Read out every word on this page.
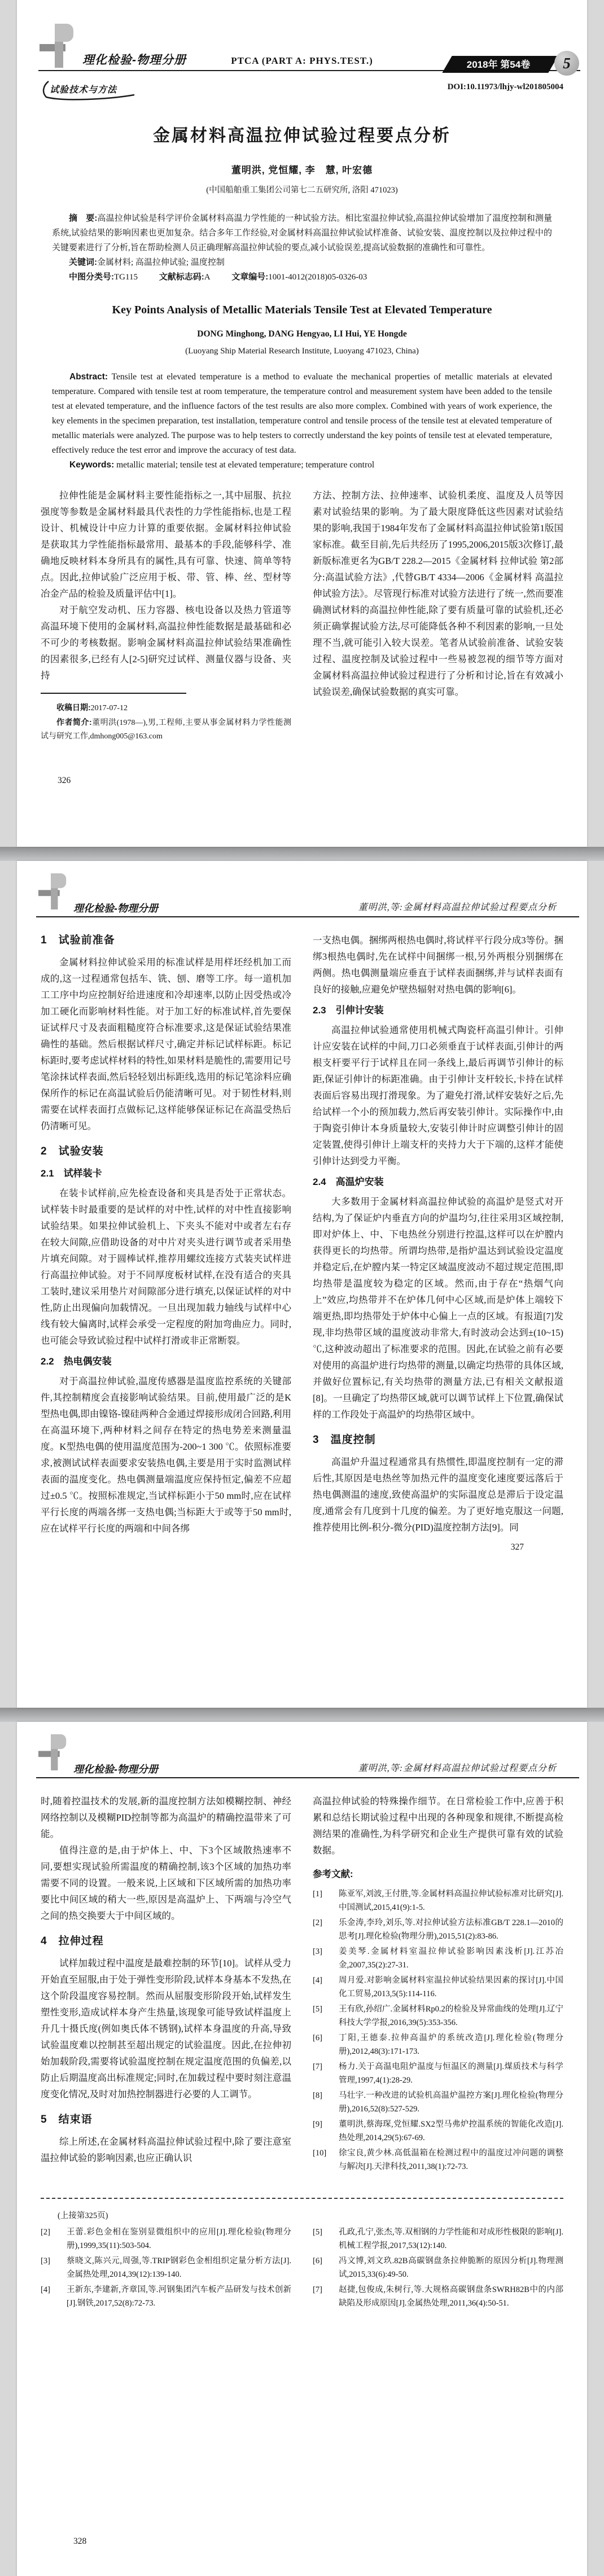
理化检验-物理分册	PTCA (PART A: PHYS.TEST.)	2018年 第54卷	5
试验技术与方法	DOI:10.11973/lhjy-wl201805004
金属材料高温拉伸试验过程要点分析
董明洪, 党恒耀, 李　慧, 叶宏德
(中国船舶重工集团公司第七二五研究所, 洛阳 471023)

摘　要:高温拉伸试验是科学评价金属材料高温力学性能的一种试验方法。相比室温拉伸试验,高温拉伸试验增加了温度控制和测量系统,试验结果的影响因素也更加复杂。结合多年工作经验,对金属材料高温拉伸试验试样准备、试验安装、温度控制以及拉伸过程中的关键要素进行了分析,旨在帮助检测人员正确理解高温拉伸试验的要点,减小试验误差,提高试验数据的准确性和可靠性。

关键词:金属材料; 高温拉伸试验; 温度控制

中图分类号:TG115	文献标志码:A	文章编号:1001-4012(2018)05-0326-03

Key Points Analysis of Metallic Materials Tensile Test at Elevated Temperature
DONG Minghong, DANG Hengyao, LI Hui, YE Hongde
(Luoyang Ship Material Research Institute, Luoyang 471023, China)

Abstract: Tensile test at elevated temperature is a method to evaluate the mechanical properties of metallic materials at elevated temperature. Compared with tensile test at room temperature, the temperature control and measurement system have been added to the tensile test at elevated temperature, and the influence factors of the test results are also more complex. Combined with years of work experience, the key elements in the specimen preparation, test installation, temperature control and tensile process of the tensile test at elevated temperature of metallic materials were analyzed. The purpose was to help testers to correctly understand the key points of tensile test at elevated temperature, effectively reduce the test error and improve the accuracy of test data.

Keywords: metallic material; tensile test at elevated temperature; temperature control

拉伸性能是金属材料主要性能指标之一,其中屈服、抗拉强度等参数是金属材料最具代表性的力学性能指标,也是工程设计、机械设计中应力计算的重要依据。金属材料拉伸试验是获取其力学性能指标最常用、最基本的手段,能够科学、准确地反映材料本身所具有的属性,具有可靠、快速、简单等特点。因此,拉伸试验广泛应用于板、带、管、棒、丝、型材等冶金产品的检验及质量评估中[1]。

对于航空发动机、压力容器、核电设备以及热力管道等高温环境下使用的金属材料,高温拉伸性能数据是最基础和必不可少的考核数据。影响金属材料高温拉伸试验结果准确性的因素很多,已经有人[2-5]研究过试样、测量仪器与设备、夹持

收稿日期:2017-07-12

作者简介:董明洪(1978—),男,工程师,主要从事金属材料力学性能测试与研究工作,dmhong005@163.com

方法、控制方法、拉伸速率、试验机柔度、温度及人员等因素对试验结果的影响。为了最大限度降低这些因素对试验结果的影响,我国于1984年发布了金属材料高温拉伸试验第1版国家标准。截至目前,先后共经历了1995,2006,2015版3次修订,最新版标准更名为GB/T 228.2—2015《金属材料 拉伸试验 第2部分:高温试验方法》,代替GB/T 4334—2006《金属材料 高温拉伸试验方法》。尽管现行标准对试验方法进行了统一,然而要准确测试材料的高温拉伸性能,除了要有质量可靠的试验机,还必须正确掌握试验方法,尽可能降低各种不利因素的影响,一旦处理不当,就可能引入较大误差。笔者从试验前准备、试验安装过程、温度控制及试验过程中一些易被忽视的细节等方面对金属材料高温拉伸试验过程进行了分析和讨论,旨在有效减小试验误差,确保试验数据的真实可靠。

326
理化检验-物理分册	董明洪,等:金属材料高温拉伸试验过程要点分析
1　试验前准备

金属材料拉伸试验采用的标准试样是用样坯经机加工而成的,这一过程通常包括车、铣、刨、磨等工序。每一道机加工工序中均应控制好给进速度和冷却速率,以防止因受热或冷加工硬化而影响材料性能。对于加工好的标准试样,首先要保证试样尺寸及表面粗糙度符合标准要求,这是保证试验结果准确性的基础。然后根据试样尺寸,确定并标记试样标距。标记标距时,要考虑试样材料的特性,如果材料是脆性的,需要用记号笔涂抹试样表面,然后轻轻划出标距线,选用的标记笔涂料应确保所作的标记在高温试验后仍能清晰可见。对于韧性材料,则需要在试样表面打点做标记,这样能够保证标记在高温受热后仍清晰可见。

2　试验安装
2.1　试样装卡

在装卡试样前,应先检查设备和夹具是否处于正常状态。试样装卡时最重要的是试样的对中性,试样的对中性直接影响试验结果。如果拉伸试验机上、下夹头不能对中或者左右存在较大间隙,应借助设备的对中片对夹头进行调节或者采用垫片填充间隙。对于圆棒试样,推荐用螺纹连接方式装夹试样进行高温拉伸试验。对于不同厚度板材试样,在没有适合的夹具工装时,建议采用垫片对间隙部分进行填充,以保证试样的对中性,防止出现偏向加载情况。一旦出现加载力轴线与试样中心线有较大偏离时,试样会承受一定程度的附加弯曲应力。同时,也可能会导致试验过程中试样打滑或非正常断裂。

2.2　热电偶安装

对于高温拉伸试验,温度传感器是温度监控系统的关键部件,其控制精度会直接影响试验结果。目前,使用最广泛的是K型热电偶,即由镍铬-镍硅两种合金通过焊接形成闭合回路,利用在高温环境下,两种材料之间存在特定的热电势差来测量温度。K型热电偶的使用温度范围为-200~1 300 ℃。依照标准要求,被测试试样表面要求安装热电偶,主要是用于实时监测试样表面的温度变化。热电偶测量端温度应保持恒定,偏差不应超过±0.5 ℃。按照标准规定,当试样标距小于50 mm时,应在试样平行长度的两端各绑一支热电偶;当标距大于或等于50 mm时,应在试样平行长度的两端和中间各绑

一支热电偶。捆绑两根热电偶时,将试样平行段分成3等份。捆绑3根热电偶时,先在试样中间捆绑一根,另外两根分别捆绑在两侧。热电偶测量端应垂直于试样表面捆绑,并与试样表面有良好的接触,应避免炉壁热辐射对热电偶的影响[6]。

2.3　引伸计安装

高温拉伸试验通常使用机械式陶瓷杆高温引伸计。引伸计应安装在试样的中间,刀口必须垂直于试样表面,引伸计的两根支杆要平行于试样且在同一条线上,最后再调节引伸计的标距,保证引伸计的标距准确。由于引伸计支杆较长,卡持在试样表面后容易出现打滑现象。为了避免打滑,试样安装好之后,先给试样一个小的预加载力,然后再安装引伸计。实际操作中,由于陶瓷引伸计本身质量较大,安装引伸计时应调整引伸计的固定装置,使得引伸计上端支杆的夹持力大于下端的,这样才能使引伸计达到受力平衡。

2.4　高温炉安装

大多数用于金属材料高温拉伸试验的高温炉是竖式对开结构,为了保证炉内垂直方向的炉温均匀,往往采用3区域控制,即对炉体上、中、下电热丝分别进行控温,这样可以在炉膛内获得更长的均热带。所谓均热带,是指炉温达到试验设定温度并稳定后,在炉膛内某一特定区域温度波动不超过规定范围,即均热带是温度较为稳定的区域。然而,由于存在“热烟气向上”效应,均热带并不在炉体几何中心区域,而是炉体上端较下端更热,即均热带处于炉体中心偏上一点的区域。有报道[7]发现,非均热带区域的温度波动非常大,有时波动会达到±(10~15) ℃,这种波动超出了标准要求的范围。因此,在试验之前有必要对使用的高温炉进行均热带的测量,以确定均热带的具体区域,并做好位置标记,有关均热带的测量方法,已有相关文献报道[8]。一旦确定了均热带区域,就可以调节试样上下位置,确保试样的工作段处于高温炉的均热带区域中。

3　温度控制

高温炉升温过程通常具有热惯性,即温度控制有一定的滞后性,其原因是电热丝等加热元件的温度变化速度要远落后于热电偶测温的速度,致使高温炉的实际温度总是滞后于设定温度,通常会有几度到十几度的偏差。为了更好地克服这一问题,推荐使用比例-积分-微分(PID)温度控制方法[9]。同

327
理化检验-物理分册	董明洪,等:金属材料高温拉伸试验过程要点分析

时,随着控温技术的发展,新的温度控制方法如模糊控制、神经网络控制以及模糊PID控制等都为高温炉的精确控温带来了可能。

值得注意的是,由于炉体上、中、下3个区域散热速率不同,要想实现试验所需温度的精确控制,该3个区域的加热功率需要不同的设置。一般来说,上区域和下区域所需的加热功率要比中间区域的稍大一些,原因是高温炉上、下两端与冷空气之间的热交换要大于中间区域的。

4　拉伸过程

试样加载过程中温度是最难控制的环节[10]。试样从受力开始直至屈服,由于处于弹性变形阶段,试样本身基本不发热,在这个阶段温度容易控制。然而从屈服变形阶段开始,试样发生塑性变形,造成试样本身产生热量,该现象可能导致试样温度上升几十摄氏度(例如奥氏体不锈钢),试样本身温度的升高,导致试验温度难以控制甚至超出规定的试验温度。因此,在拉伸初始加载阶段,需要将试验温度控制在规定温度范围的负偏差,以防止后期温度高出标准规定;同时,在加载过程中要时刻注意温度变化情况,及时对加热控制器进行必要的人工调节。

5　结束语

综上所述,在金属材料高温拉伸试验过程中,除了要注意室温拉伸试验的影响因素,也应正确认识

高温拉伸试验的特殊操作细节。在日常检验工作中,应善于积累和总结长期试验过程中出现的各种现象和规律,不断提高检测结果的准确性,为科学研究和企业生产提供可靠有效的试验数据。

参考文献:
[1]	陈亚军,刘波,王付胜,等.金属材料高温拉伸试验标准对比研究[J].中国测试,2015,41(9):1-5.
[2]	乐金涛,李玲,刘乐,等.对拉伸试验方法标准GB/T 228.1—2010的思考[J].理化检验(物理分册),2015,51(2):83-86.
[3]	姜美琴.金属材料室温拉伸试验影响因素浅析[J].江苏冶金,2007,35(2):27-31.
[4]	周月爱.对影响金属材料室温拉伸试验结果因素的探讨[J].中国化工贸易,2013,5(5):114-116.
[5]	王有欣,孙绍广.金属材料Rp0.2的检验及异常曲线的处理[J].辽宁科技大学学报,2016,39(5):353-356.
[6]	丁阳,王德泰.拉伸高温炉的系统改造[J].理化检验(物理分册),2012,48(3):171-173.
[7]	杨力.关于高温电阻炉温度与恒温区的测量[J].煤质技术与科学管理,1997,4(1):28-29.
[8]	马壮宇.一种改进的试验机高温炉温控方案[J].理化检验(物理分册),2016,52(8):527-529.
[9]	董明洪,蔡海琛,党恒耀.SX2型马弗炉控温系统的智能化改造[J].热处理,2014,29(5):67-69.
[10]	徐宝良,黄少林.高低温箱在检测过程中的温度过冲问题的调整与解决[J].天津科技,2011,38(1):72-73.
(上接第325页)
[2]	王蕾.彩色金相在鉴别显微组织中的应用[J].理化检验(物理分册),1999,35(11):503-504.
[3]	蔡晓文,陈兴元,周强,等.TRIP钢彩色金相组织定量分析方法[J].金属热处理,2014,39(12):139-140.
[4]	王新东,李建新,齐章国,等.河钢集团汽车板产品研发与技术创新[J].钢铁,2017,52(8):72-73.
[5]	孔政,孔宁,张杰,等.双相钢的力学性能和对成形性极限的影响[J].机械工程学报,2017,53(12):140.
[6]	冯文博,刘文玖.82B高碳钢盘条拉伸脆断的原因分析[J].物理测试,2015,33(6):49-50.
[7]	赵捷,包俊成,朱树行,等.大规格高碳钢盘条SWRH82B中的内部缺陷及形成原因[J].金属热处理,2011,36(4):50-51.
328
